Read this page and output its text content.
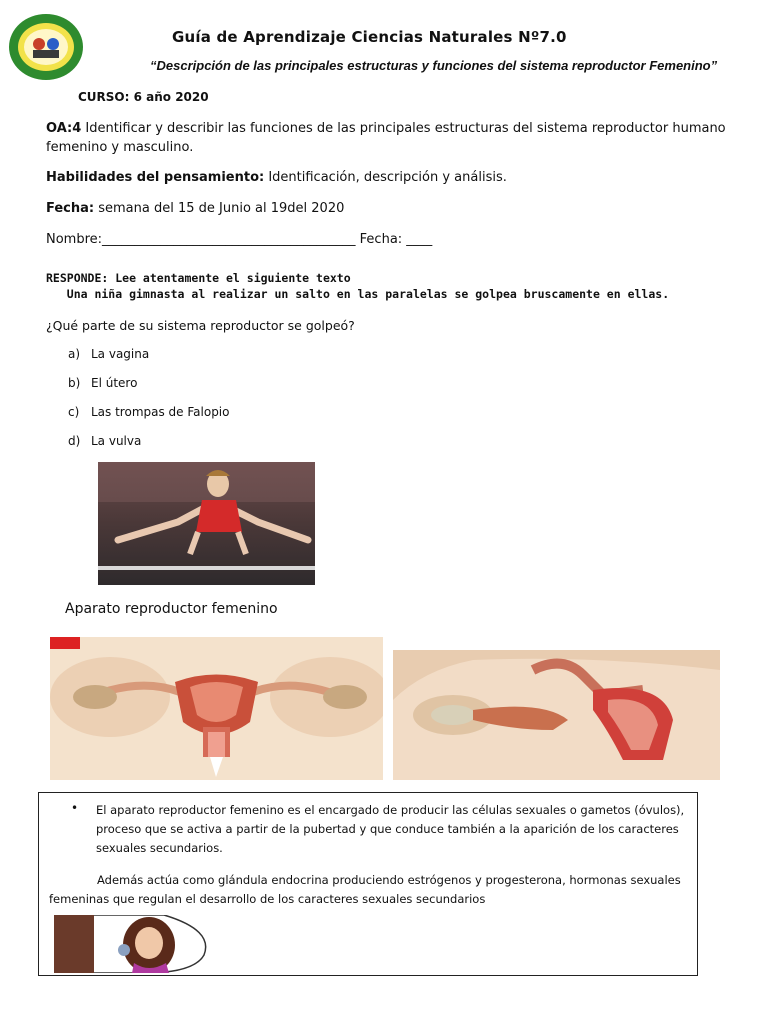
Guía de Aprendizaje Ciencias Naturales Nº7.0
“Descripción de las principales estructuras y funciones del sistema reproductor Femenino”
CURSO: 6 año 2020
OA:4 Identificar y describir las funciones de las principales estructuras del sistema reproductor humano femenino y masculino.
Habilidades del pensamiento: Identificación, descripción y análisis.
Fecha: semana del 15 de Junio al 19del 2020
Nombre:_______________________________________ Fecha: ____
RESPONDE: Lee atentamente el siguiente texto
Una niña gimnasta al realizar un salto en las paralelas se golpea bruscamente en ellas.
¿Qué parte de su sistema reproductor se golpeó?
a) La vagina
b) El útero
c) Las trompas de Falopio
d) La vulva
Aparato reproductor femenino
• El aparato reproductor femenino es el encargado de producir las células sexuales o gametos (óvulos), proceso que se activa a partir de la pubertad y que conduce también a la aparición de los caracteres sexuales secundarios.
Además actúa como glándula endocrina produciendo estrógenos y progesterona, hormonas sexuales femeninas que regulan el desarrollo de los caracteres sexuales secundarios
